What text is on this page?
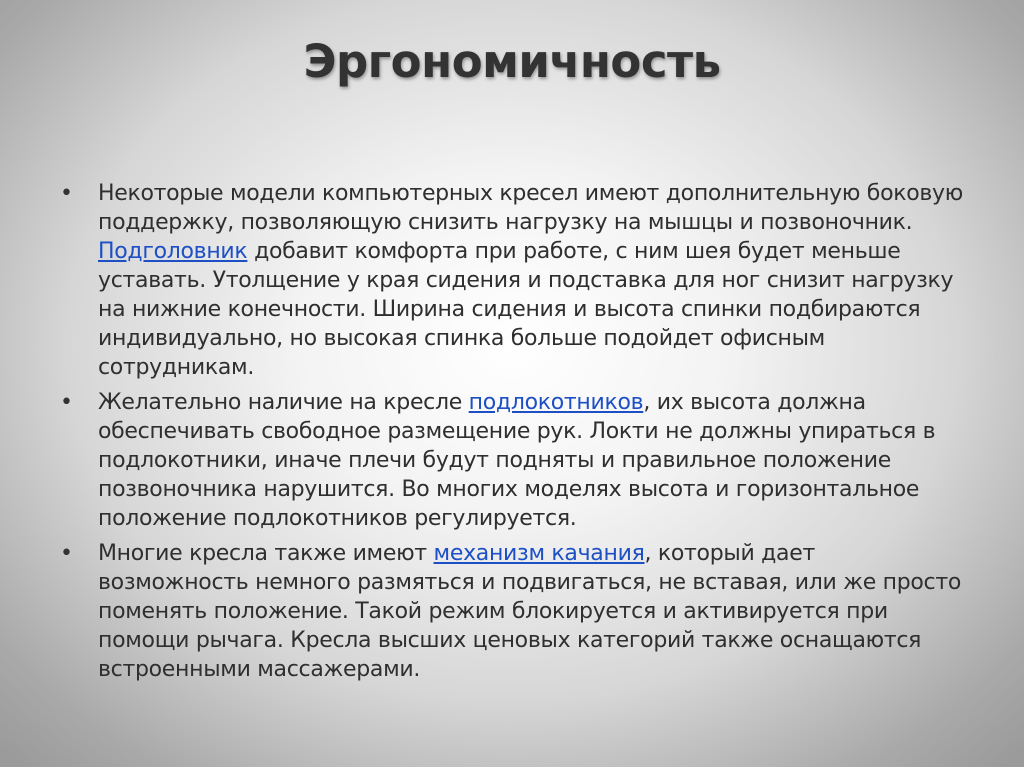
Эргономичность
• Некоторые модели компьютерных кресел имеют дополнительную боковую поддержку, позволяющую снизить нагрузку на мышцы и позвоночник. Подголовник добавит комфорта при работе, с ним шея будет меньше уставать. Утолщение у края сидения и подставка для ног снизит нагрузку на нижние конечности. Ширина сидения и высота спинки подбираются индивидуально, но высокая спинка больше подойдет офисным сотрудникам.
• Желательно наличие на кресле подлокотников, их высота должна обеспечивать свободное размещение рук. Локти не должны упираться в подлокотники, иначе плечи будут подняты и правильное положение позвоночника нарушится. Во многих моделях высота и горизонтальное положение подлокотников регулируется.
• Многие кресла также имеют механизм качания, который дает возможность немного размяться и подвигаться, не вставая, или же просто поменять положение. Такой режим блокируется и активируется при помощи рычага. Кресла высших ценовых категорий также оснащаются встроенными массажерами.
